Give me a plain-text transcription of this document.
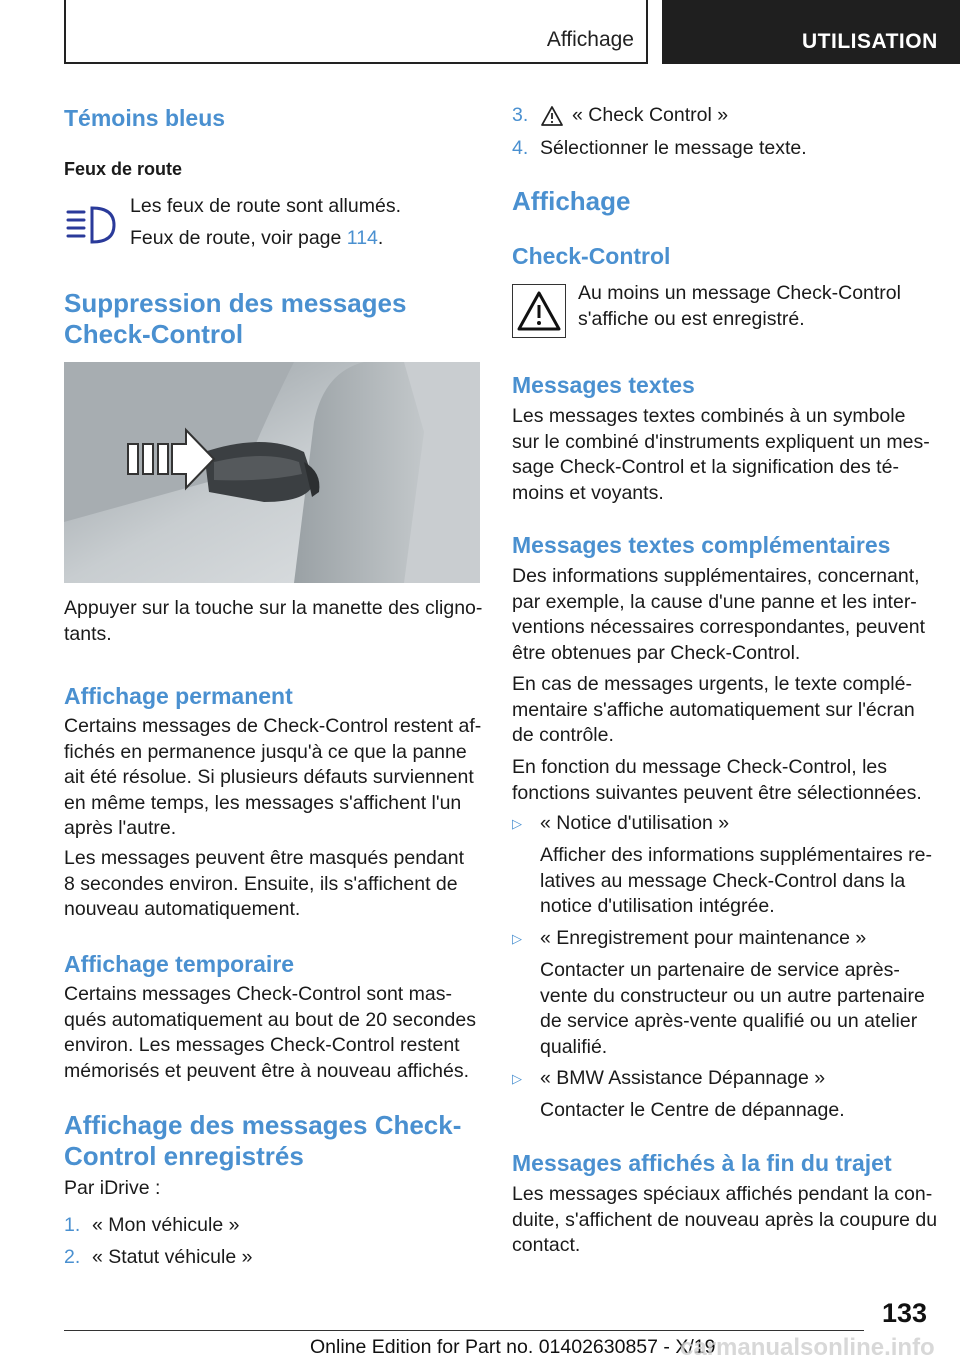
Affichage	UTILISATION
Témoins bleus
Feux de route
Les feux de route sont allumés.
Feux de route, voir page 114.
Suppression des messages
Check-Control
Appuyer sur la touche sur la manette des cligno‐
tants.
Affichage permanent
Certains messages de Check-Control restent af‐
fichés en permanence jusqu'à ce que la panne
ait été résolue. Si plusieurs défauts surviennent
en même temps, les messages s'affichent l'un
après l'autre.
Les messages peuvent être masqués pendant
8 secondes environ. Ensuite, ils s'affichent de
nouveau automatiquement.
Affichage temporaire
Certains messages Check-Control sont mas‐
qués automatiquement au bout de 20 secondes
environ. Les messages Check-Control restent
mémorisés et peuvent être à nouveau affichés.
Affichage des messages Check-
Control enregistrés
Par iDrive :
1. « Mon véhicule »
2. « Statut véhicule »
3. « Check Control »
4. Sélectionner le message texte.
Affichage
Check-Control
Au moins un message Check-Control
s'affiche ou est enregistré.
Messages textes
Les messages textes combinés à un symbole
sur le combiné d'instruments expliquent un mes‐
sage Check-Control et la signification des té‐
moins et voyants.
Messages textes complémentaires
Des informations supplémentaires, concernant,
par exemple, la cause d'une panne et les inter‐
ventions nécessaires correspondantes, peuvent
être obtenues par Check-Control.
En cas de messages urgents, le texte complé‐
mentaire s'affiche automatiquement sur l'écran
de contrôle.
En fonction du message Check-Control, les
fonctions suivantes peuvent être sélectionnées.
▷ « Notice d'utilisation »
Afficher des informations supplémentaires re‐
latives au message Check-Control dans la
notice d'utilisation intégrée.
▷ « Enregistrement pour maintenance »
Contacter un partenaire de service après-
vente du constructeur ou un autre partenaire
de service après-vente qualifié ou un atelier
qualifié.
▷ « BMW Assistance Dépannage »
Contacter le Centre de dépannage.
Messages affichés à la fin du trajet
Les messages spéciaux affichés pendant la con‐
duite, s'affichent de nouveau après la coupure du
contact.
133
Online Edition for Part no. 01402630857 - X/19
carmanualsonline.info
